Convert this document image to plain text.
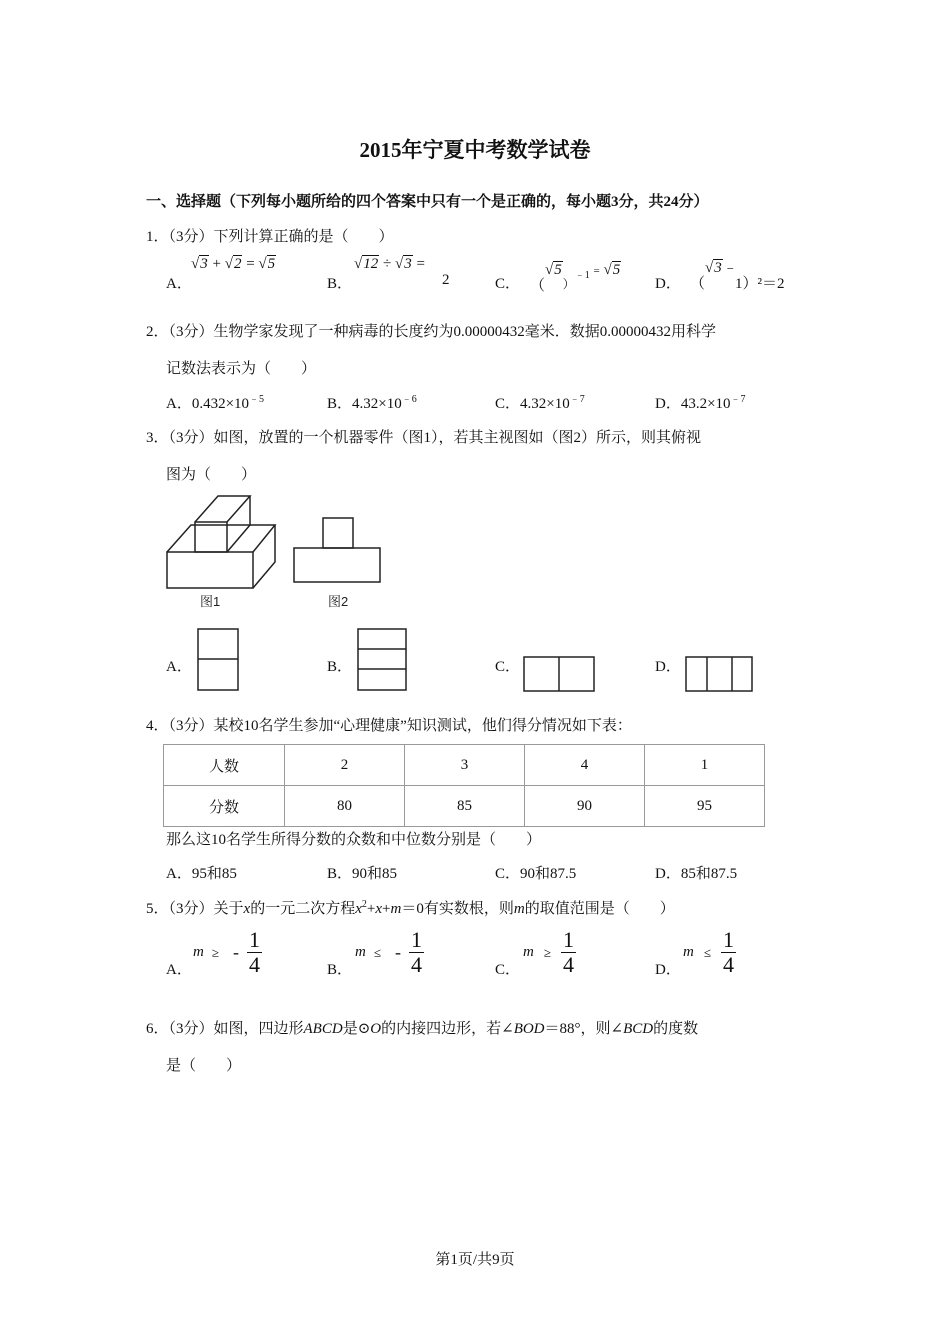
2015年宁夏中考数学试卷
一、选择题（下列每小题所给的四个答案中只有一个是正确的，每小题3分，共24分）
1．（3分）下列计算正确的是（　　）
A．
√3 + √2 = √5
B．
√12 ÷ √3 =
2	C． （$√5_)^{﹣1} = √5$
D． （√3﹣
1）²＝2
2．（3分）生物学家发现了一种病毒的长度约为0.00000432毫米．数据0.00000432用科学
记数法表示为（　　）
A．$0.432\times 10^{﹣5}$	B．$4.32\times 10^{﹣6}$	C．$4.32\times 10^{﹣7}$	D．$43.2\times 10^{﹣7}$
3．（3分）如图，放置的一个机器零件（图1），若其主视图如（图2）所示，则其俯视
图为（　　）
图1	图2
A．	B．	C．	D．
4．（3分）某校10名学生参加“心理健康”知识测试，他们得分情况如下表：
人数	2	3	4	1
分数	80	85	90	95
那么这10名学生所得分数的众数和中位数分别是（　　）
A．95和85	B．90和85	C．90和87.5	D．85和87.5
5．（3分）关于x的一元二次方程$x^2+x+m=0$有实数根，则m的取值范围是（　　）
A．
m ≥ - $\frac{1}{4}$	B．
m ≤ - $\frac{1}{4}$	C．
$m \ge \frac{1}{4}$	D．
$m \le \frac{1}{4}$
6．（3分）如图，四边形ABCD是⊙O的内接四边形，若∠BOD＝88°，则∠BCD的度数
是（　　）
第1页/共9页
